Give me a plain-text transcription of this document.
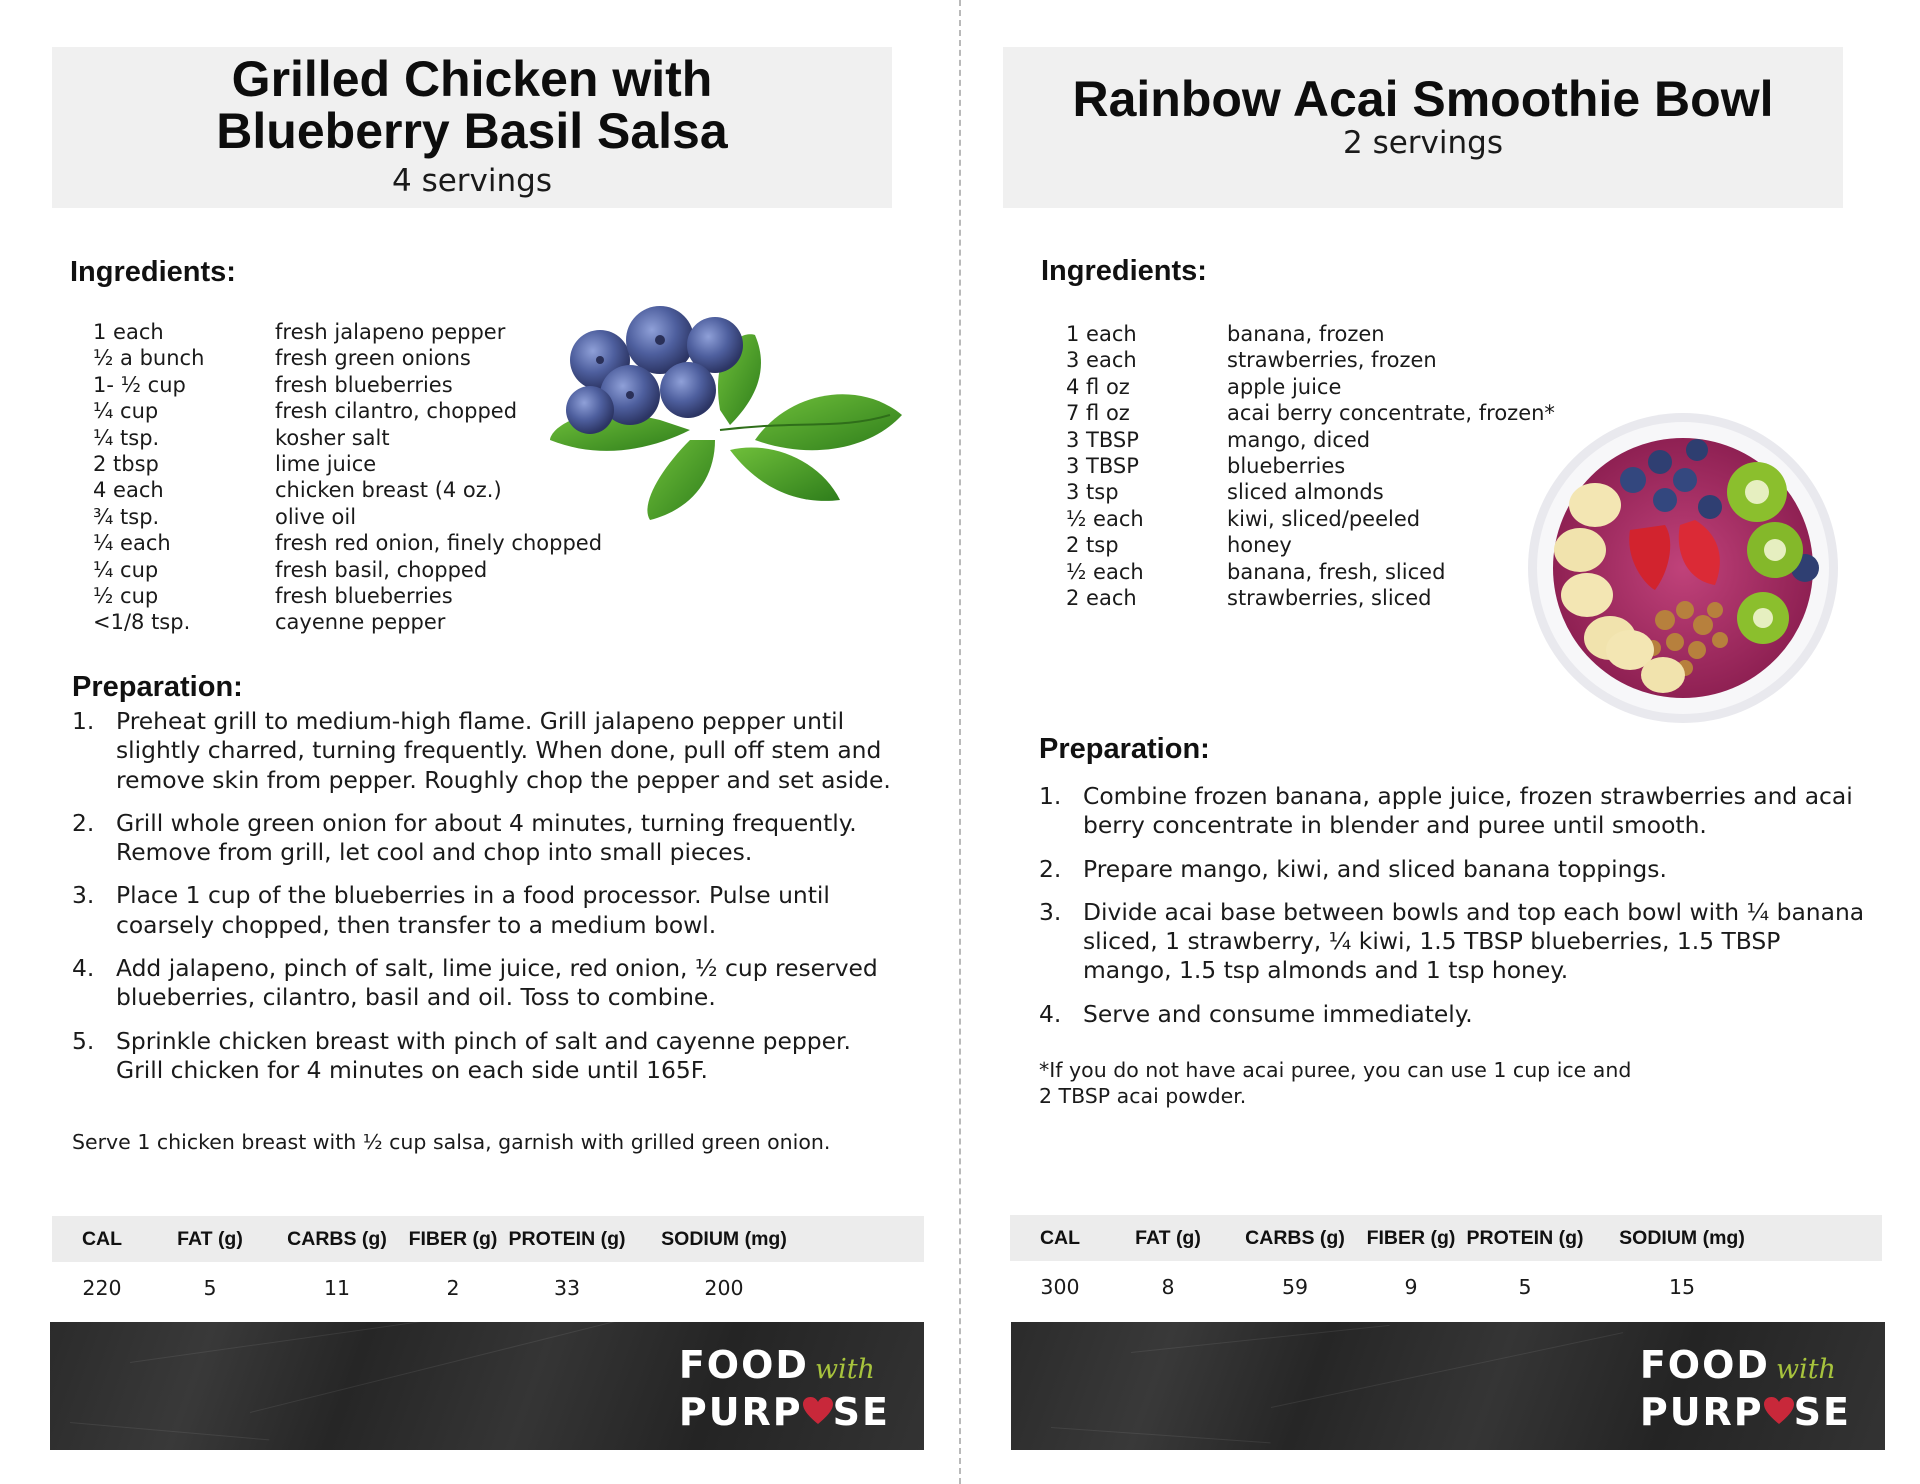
Grilled Chicken with
Blueberry Basil Salsa
4 servings
Ingredients:
1 each	fresh jalapeno pepper
½ a bunch	fresh green onions
1- ½ cup	fresh blueberries
¼ cup	fresh cilantro, chopped
¼ tsp.	kosher salt
2 tbsp	lime juice
4 each	chicken breast (4 oz.)
¾ tsp.	olive oil
¼ each	fresh red onion, finely chopped
¼ cup	fresh basil, chopped
½ cup	fresh blueberries
<1/8 tsp.	cayenne pepper
Preparation:
1. Preheat grill to medium-high flame. Grill jalapeno pepper until slightly charred, turning frequently. When done, pull off stem and remove skin from pepper. Roughly chop the pepper and set aside.
2. Grill whole green onion for about 4 minutes, turning frequently. Remove from grill, let cool and chop into small pieces.
3. Place 1 cup of the blueberries in a food processor. Pulse until coarsely chopped, then transfer to a medium bowl.
4. Add jalapeno, pinch of salt, lime juice, red onion, ½ cup reserved blueberries, cilantro, basil and oil. Toss to combine.
5. Sprinkle chicken breast with pinch of salt and cayenne pepper. Grill chicken for 4 minutes on each side until 165F.
Serve 1 chicken breast with ½ cup salsa, garnish with grilled green onion.
CAL	FAT (g)	CARBS (g)	FIBER (g) PROTEIN (g)	SODIUM (mg)
220	5	11	2	33	200
FOOD with
PURP SE
Rainbow Acai Smoothie Bowl
2 servings
Ingredients:
1 each	banana, frozen
3 each	strawberries, frozen
4 fl oz	apple juice
7 fl oz	acai berry concentrate, frozen*
3 TBSP	mango, diced
3 TBSP	blueberries
3 tsp	sliced almonds
½ each	kiwi, sliced/peeled
2 tsp	honey
½ each	banana, fresh, sliced
2 each	strawberries, sliced
Preparation:
1. Combine frozen banana, apple juice, frozen strawberries and acai berry concentrate in blender and puree until smooth.
2. Prepare mango, kiwi, and sliced banana toppings.
3. Divide acai base between bowls and top each bowl with ¼ banana sliced, 1 strawberry, ¼ kiwi, 1.5 TBSP blueberries, 1.5 TBSP mango, 1.5 tsp almonds and 1 tsp honey.
4. Serve and consume immediately.
*If you do not have acai puree, you can use 1 cup ice and
2 TBSP acai powder.
CAL	FAT (g)	CARBS (g)	FIBER (g) PROTEIN (g)	SODIUM (mg)
300	8	59	9	5	15
FOOD with
PURP SE
